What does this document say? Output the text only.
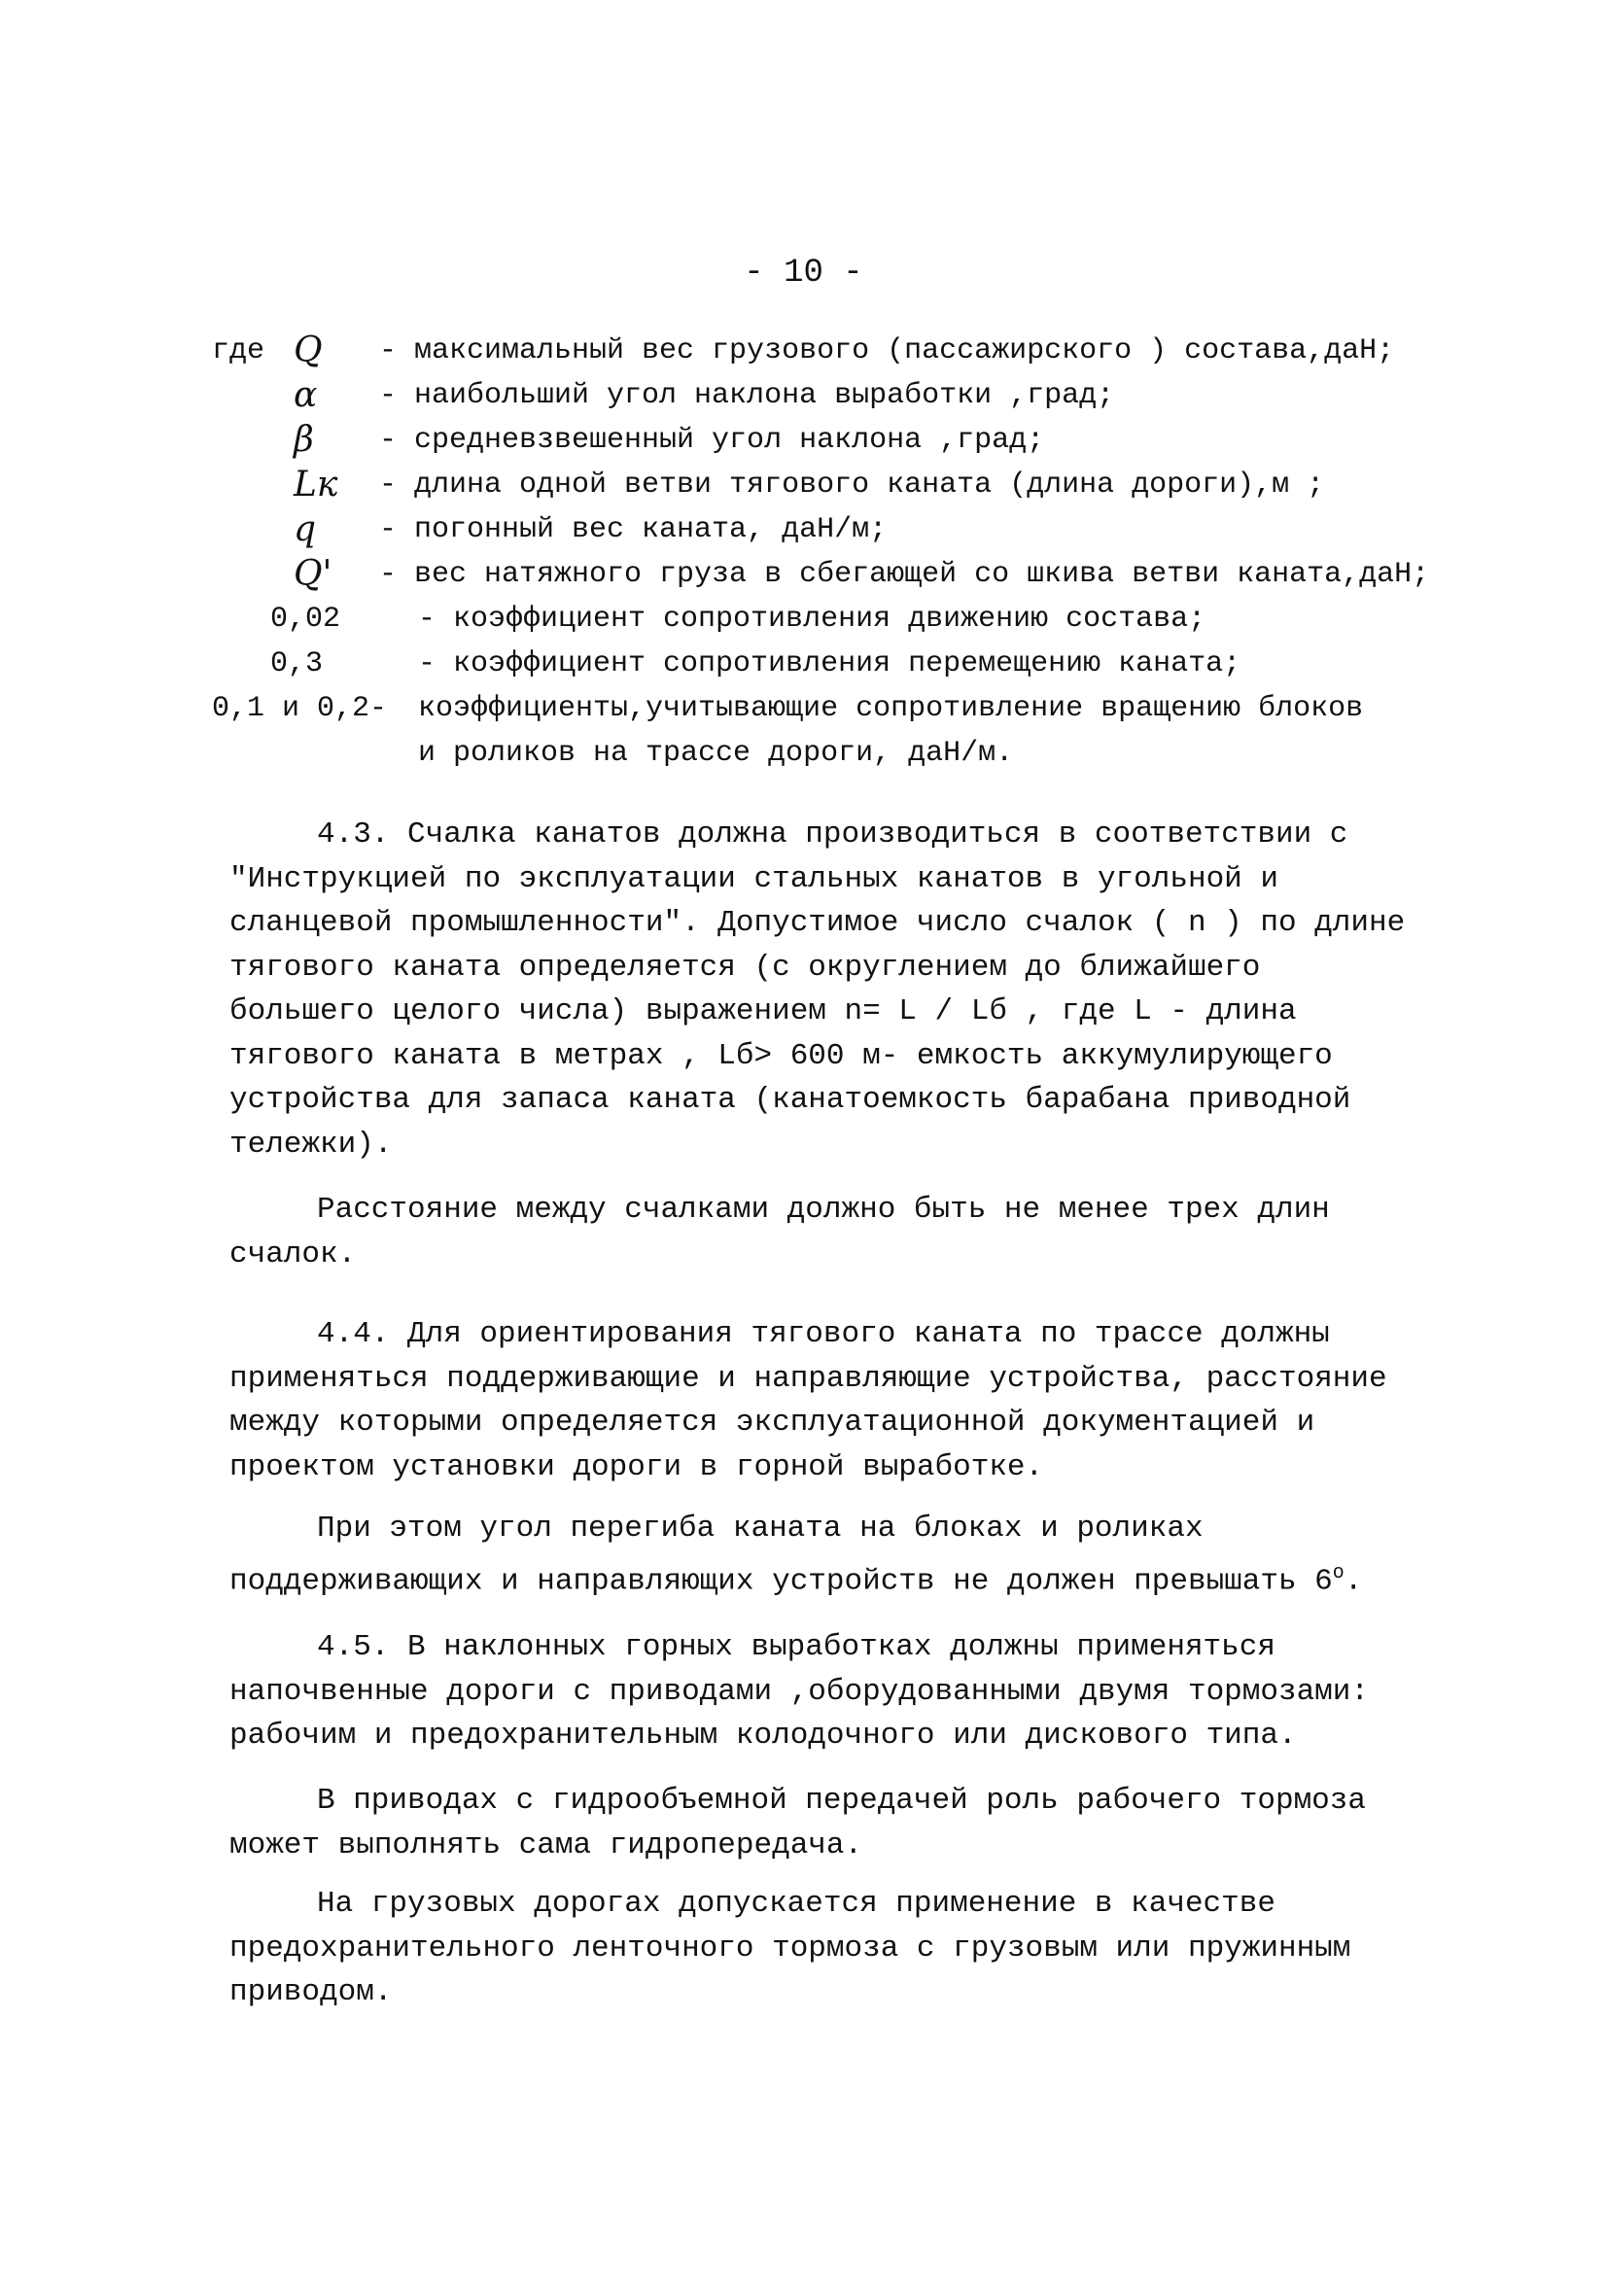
- 10 -
где Q	- максимальный вес грузового (пассажирского ) состава,даН;
α	- наибольший угол наклона выработки ,град;
β	- средневзвешенный угол наклона ,град;
Lк	- длина одной ветви тягового каната (длина дороги),м ;
q	- погонный вес каната, даН/м;
Q'	- вес натяжного груза в сбегающей со шкива ветви каната,даН;
0,02	- коэффициент сопротивления движению состава;
0,3	- коэффициент сопротивления перемещению каната;
0,1 и 0,2- коэффициенты,учитывающие сопротивление вращению блоков
и роликов на трассе дороги, даН/м.

4.3. Счалка канатов должна производиться в соответствии с "Инструкцией по эксплуатации стальных канатов в угольной и сланцевой промышленности". Допустимое число счалок ( n ) по длине тягового каната определяется (с округлением до ближайшего большего целого числа) выражением n= L / Lб , где L - длина тягового каната в метрах , Lб> 600 м- емкость аккумулирующего устройства для запаса каната (канатоемкость барабана приводной тележки).

Расстояние между счалками должно быть не менее трех длин счалок.

4.4. Для ориентирования тягового каната по трассе должны применяться поддерживающие и направляющие устройства, расстояние между которыми определяется эксплуатационной документацией и проектом установки дороги в горной выработке.

При этом угол перегиба каната на блоках и роликах поддерживающих и направляющих устройств не должен превышать $6^о$.

4.5. В наклонных горных выработках должны применяться напочвенные дороги с приводами ,оборудованными двумя тормозами: рабочим и предохранительным колодочного или дискового типа.

В приводах с гидрообъемной передачей роль рабочего тормоза может выполнять сама гидропередача.

На грузовых дорогах допускается применение в качестве предохранительного ленточного тормоза с грузовым или пружинным приводом.
